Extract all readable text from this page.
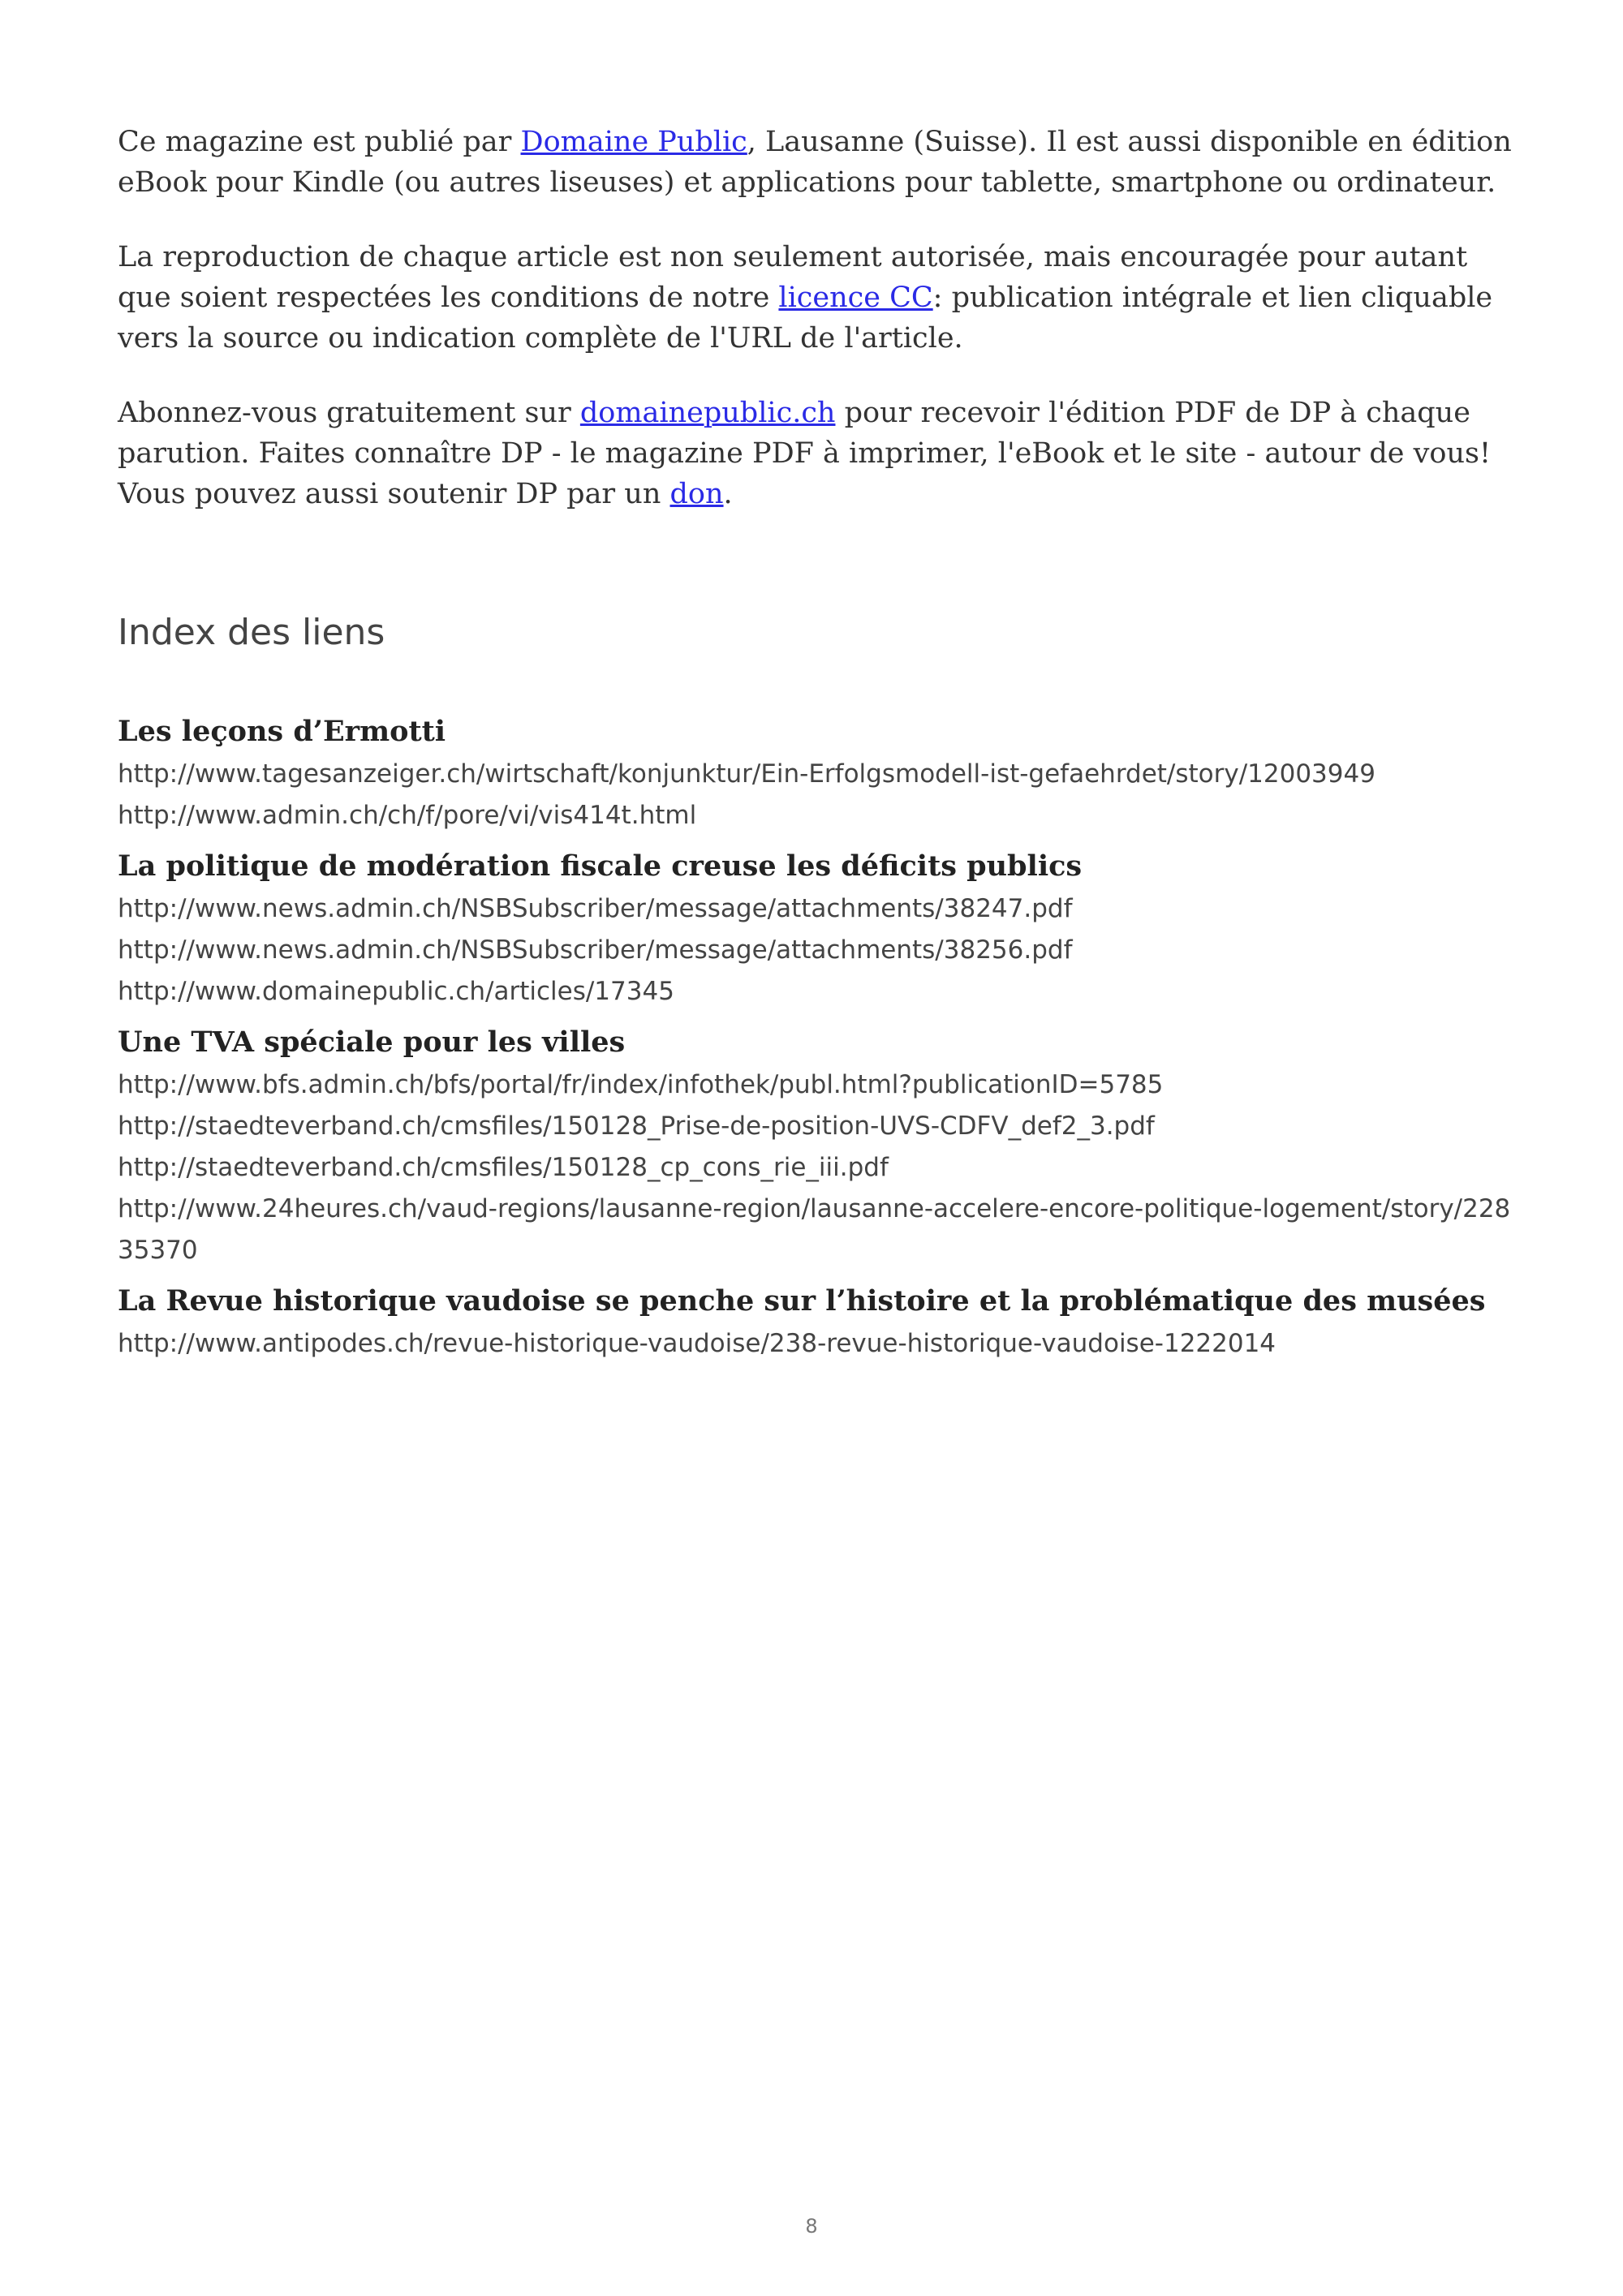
Ce magazine est publié par Domaine Public, Lausanne (Suisse). Il est aussi disponible en édition eBook pour Kindle (ou autres liseuses) et applications pour tablette, smartphone ou ordinateur.

La reproduction de chaque article est non seulement autorisée, mais encouragée pour autant que soient respectées les conditions de notre licence CC: publication intégrale et lien cliquable vers la source ou indication complète de l'URL de l'article.

Abonnez-vous gratuitement sur domainepublic.ch pour recevoir l'édition PDF de DP à chaque parution. Faites connaître DP - le magazine PDF à imprimer, l'eBook et le site - autour de vous! Vous pouvez aussi soutenir DP par un don.

Index des liens
Les leçons d’Ermotti
http://www.tagesanzeiger.ch/wirtschaft/konjunktur/Ein-Erfolgsmodell-ist-gefaehrdet/story/12003949
http://www.admin.ch/ch/f/pore/vi/vis414t.html
La politique de modération fiscale creuse les déficits publics
http://www.news.admin.ch/NSBSubscriber/message/attachments/38247.pdf
http://www.news.admin.ch/NSBSubscriber/message/attachments/38256.pdf
http://www.domainepublic.ch/articles/17345
Une TVA spéciale pour les villes
http://www.bfs.admin.ch/bfs/portal/fr/index/infothek/publ.html?publicationID=5785
http://staedteverband.ch/cmsfiles/150128_Prise-de-position-UVS-CDFV_def2_3.pdf
http://staedteverband.ch/cmsfiles/150128_cp_cons_rie_iii.pdf
http://www.24heures.ch/vaud-regions/lausanne-region/lausanne-accelere-encore-politique-logement/story/22835370
La Revue historique vaudoise se penche sur l’histoire et la problématique des musées
http://www.antipodes.ch/revue-historique-vaudoise/238-revue-historique-vaudoise-1222014
8
